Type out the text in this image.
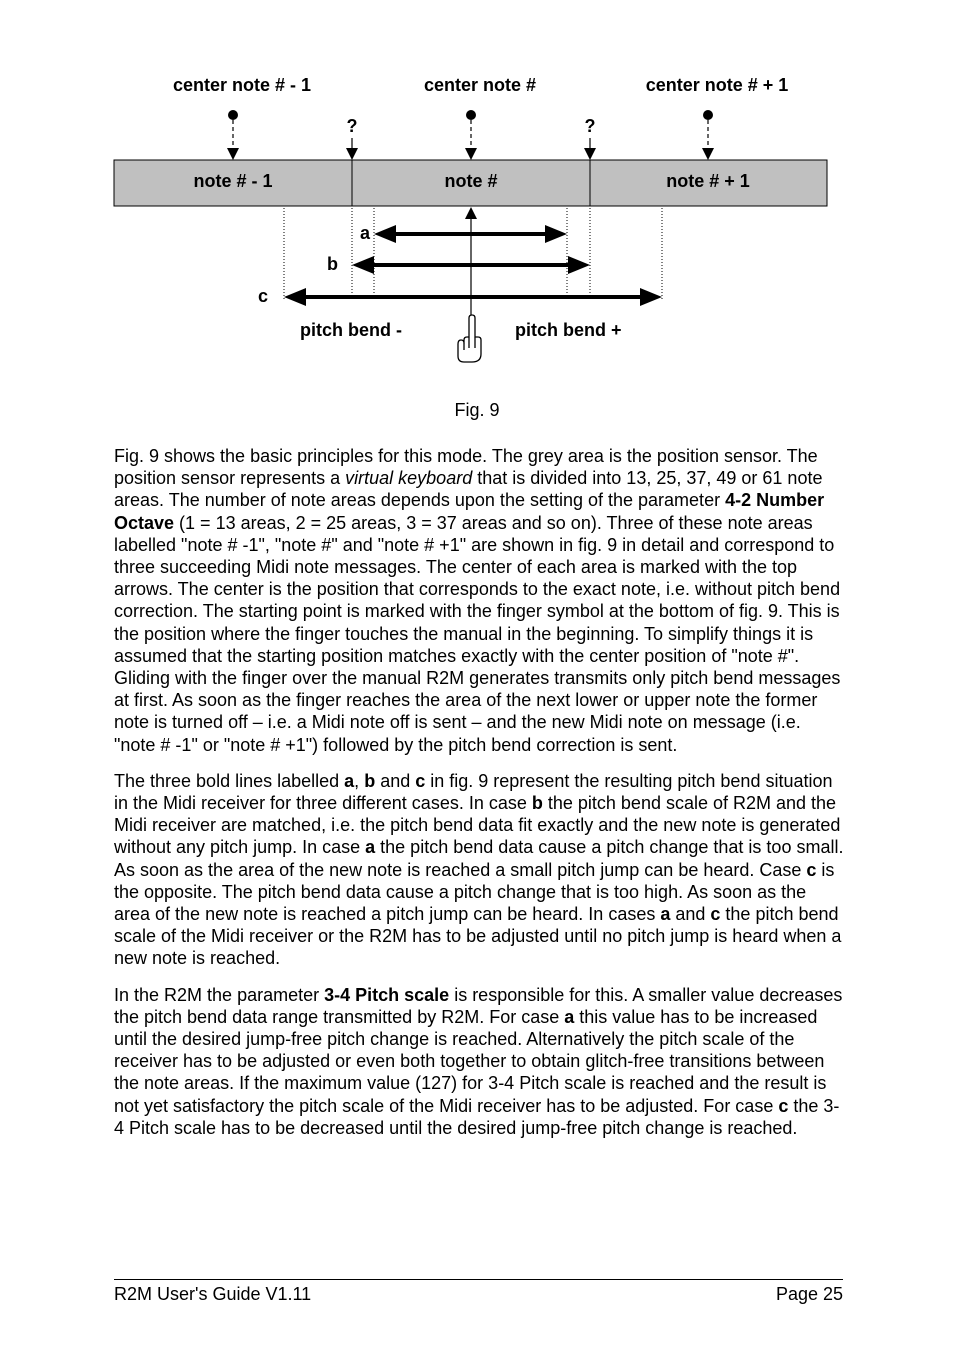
center note # - 1	center note #	center note # + 1
?	?
note # - 1	note #	note # + 1
a
b
c
pitch bend -	pitch bend +
Fig. 9

Fig. 9 shows the basic principles for this mode. The grey area is the position sensor. The position sensor represents a virtual keyboard that is divided into 13, 25, 37, 49 or 61 note areas. The number of note areas depends upon the setting of the parameter 4-2 Number Octave (1 = 13 areas, 2 = 25 areas, 3 = 37 areas and so on). Three of these note areas labelled "note # -1", "note #" and "note # +1" are shown in fig. 9 in detail and correspond to three succeeding Midi note messages. The center of each area is marked with the top arrows. The center is the position that corresponds to the exact note, i.e. without pitch bend correction. The starting point is marked with the finger symbol at the bottom of fig. 9. This is the position where the finger touches the manual in the beginning. To simplify things it is assumed that the starting position matches exactly with the center position of "note #". Gliding with the finger over the manual R2M generates transmits only pitch bend messages at first. As soon as the finger reaches the area of the next lower or upper note the former note is turned off – i.e. a Midi note off is sent – and the new Midi note on message (i.e. "note # -1" or "note # +1") followed by the pitch bend correction is sent.

The three bold lines labelled a, b and c in fig. 9 represent the resulting pitch bend situation in the Midi receiver for three different cases. In case b the pitch bend scale of R2M and the Midi receiver are matched, i.e. the pitch bend data fit exactly and the new note is generated without any pitch jump. In case a the pitch bend data cause a pitch change that is too small. As soon as the area of the new note is reached a small pitch jump can be heard. Case c is the opposite. The pitch bend data cause a pitch change that is too high. As soon as the area of the new note is reached a pitch jump can be heard. In cases a and c the pitch bend scale of the Midi receiver or the R2M has to be adjusted until no pitch jump is heard when a new note is reached.

In the R2M the parameter 3-4 Pitch scale is responsible for this. A smaller value decreases the pitch bend data range transmitted by R2M. For case a this value has to be increased until the desired jump-free pitch change is reached. Alternatively the pitch scale of the receiver has to be adjusted or even both together to obtain glitch-free transitions between the note areas. If the maximum value (127) for 3-4 Pitch scale is reached and the result is not yet satisfactory the pitch scale of the Midi receiver has to be adjusted. For case c the 3-4 Pitch scale has to be decreased until the desired jump-free pitch change is reached.

R2M User's Guide V1.11	Page 25
